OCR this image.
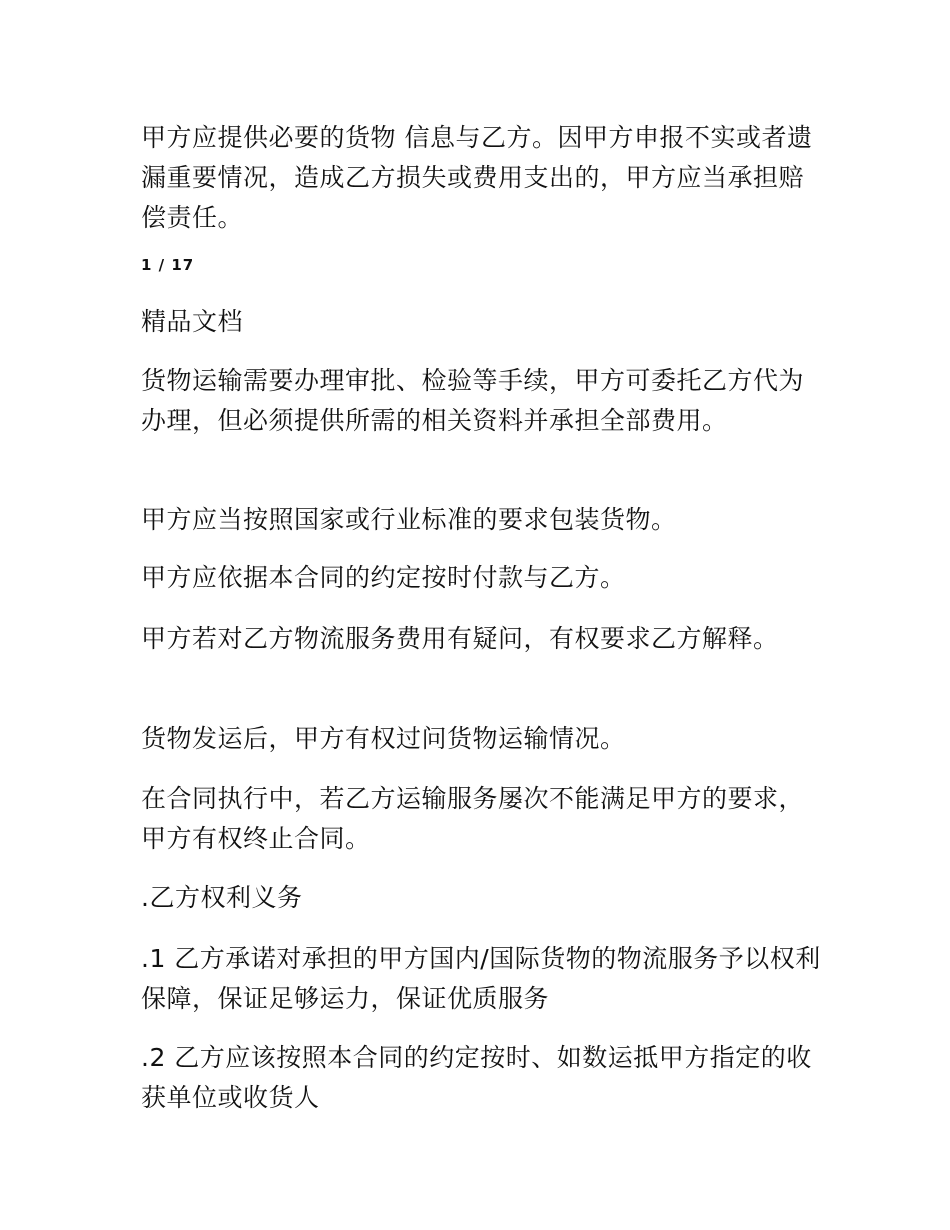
甲方应提供必要的货物 信息与乙方。因甲方申报不实或者遗漏重要情况，造成乙方损失或费用支出的，甲方应当承担赔偿责任。

1 / 17

精品文档

货物运输需要办理审批、检验等手续，甲方可委托乙方代为办理，但必须提供所需的相关资料并承担全部费用。

甲方应当按照国家或行业标准的要求包装货物。

甲方应依据本合同的约定按时付款与乙方。

甲方若对乙方物流服务费用有疑问，有权要求乙方解释。

货物发运后，甲方有权过问货物运输情况。

在合同执行中，若乙方运输服务屡次不能满足甲方的要求，甲方有权终止合同。

.乙方权利义务

.1 乙方承诺对承担的甲方国内/国际货物的物流服务予以权利保障，保证足够运力，保证优质服务

.2 乙方应该按照本合同的约定按时、如数运抵甲方指定的收获单位或收货人
